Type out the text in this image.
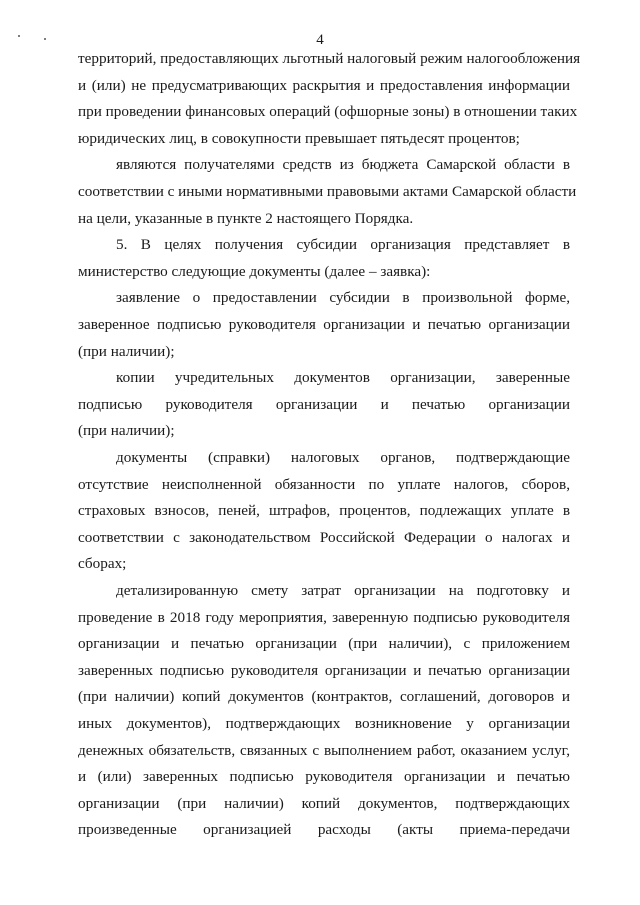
4
территорий, предоставляющих льготный налоговый режим налогообложения
и (или) не предусматривающих раскрытия и предоставления информации
при проведении финансовых операций (офшорные зоны) в отношении таких
юридических лиц, в совокупности превышает пятьдесят процентов;
являются получателями средств из бюджета Самарской области в
соответствии с иными нормативными правовыми актами Самарской области
на цели, указанные в пункте 2 настоящего Порядка.
5. В целях получения субсидии организация представляет в
министерство следующие документы (далее – заявка):
заявление о предоставлении субсидии в произвольной форме,
заверенное подписью руководителя организации и печатью организации
(при наличии);
копии учредительных документов организации, заверенные
подписью руководителя организации и печатью организации
(при наличии);
документы (справки) налоговых органов, подтверждающие
отсутствие неисполненной обязанности по уплате налогов, сборов,
страховых взносов, пеней, штрафов, процентов, подлежащих уплате в
соответствии с законодательством Российской Федерации о налогах и
сборах;
детализированную смету затрат организации на подготовку и
проведение в 2018 году мероприятия, заверенную подписью руководителя
организации и печатью организации (при наличии), с приложением
заверенных подписью руководителя организации и печатью организации
(при наличии) копий документов (контрактов, соглашений, договоров и
иных документов), подтверждающих возникновение у организации
денежных обязательств, связанных с выполнением работ, оказанием услуг,
и (или) заверенных подписью руководителя организации и печатью
организации (при наличии) копий документов, подтверждающих
произведенные организацией расходы (акты приема-передачи
